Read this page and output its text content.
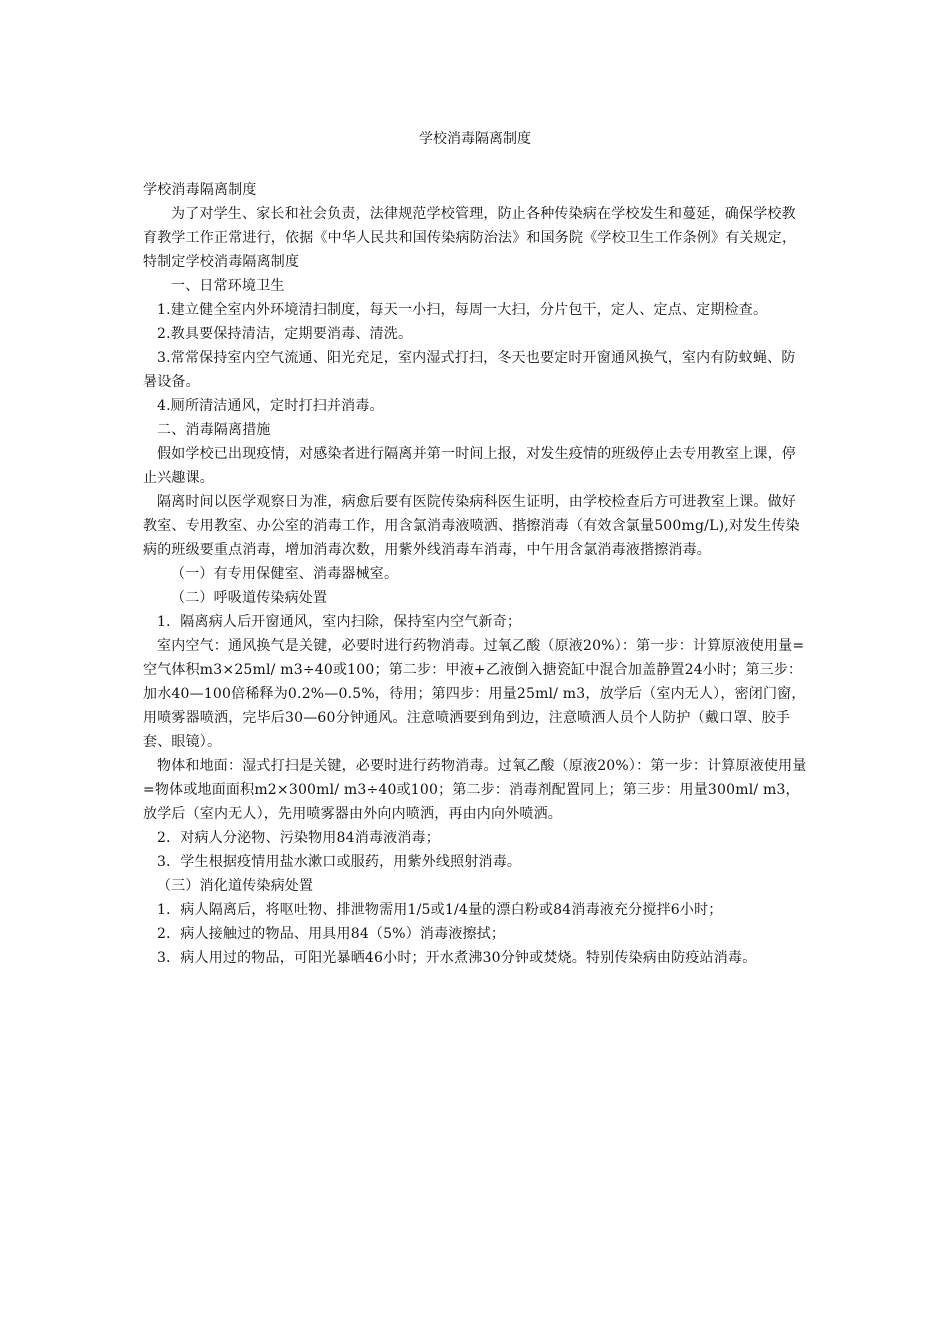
学校消毒隔离制度

学校消毒隔离制度

为了对学生、家长和社会负责，法律规范学校管理，防止各种传染病在学校发生和蔓延，确保学校教育教学工作正常进行，依据《中华人民共和国传染病防治法》和国务院《学校卫生工作条例》有关规定，特制定学校消毒隔离制度

一、日常环境卫生

1.建立健全室内外环境清扫制度，每天一小扫，每周一大扫，分片包干，定人、定点、定期检查。

2.教具要保持清洁，定期要消毒、清洗。

3.常常保持室内空气流通、阳光充足，室内湿式打扫，冬天也要定时开窗通风换气，室内有防蚊蝇、防暑设备。

4.厕所清洁通风，定时打扫并消毒。

二、消毒隔离措施

假如学校已出现疫情，对感染者进行隔离并第一时间上报，对发生疫情的班级停止去专用教室上课，停止兴趣课。

隔离时间以医学观察日为准，病愈后要有医院传染病科医生证明，由学校检查后方可进教室上课。做好教室、专用教室、办公室的消毒工作，用含氯消毒液喷洒、揩擦消毒（有效含氯量500mg/L),对发生传染病的班级要重点消毒，增加消毒次数，用紫外线消毒车消毒，中午用含氯消毒液揩擦消毒。

（一）有专用保健室、消毒器械室。

（二）呼吸道传染病处置

1．隔离病人后开窗通风，室内扫除，保持室内空气新奇；

室内空气：通风换气是关键，必要时进行药物消毒。过氧乙酸（原液20%）：第一步：计算原液使用量=空气体积m3×25ml/ m3÷40或100；第二步：甲液+乙液倒入搪瓷缸中混合加盖静置24小时；第三步：加水40—100倍稀释为0.2%—0.5%，待用；第四步：用量25ml/ m3，放学后（室内无人），密闭门窗，用喷雾器喷洒，完毕后30—60分钟通风。注意喷洒要到角到边，注意喷洒人员个人防护（戴口罩、胶手套、眼镜）。

物体和地面：湿式打扫是关键，必要时进行药物消毒。过氧乙酸（原液20%）：第一步：计算原液使用量=物体或地面面积m2×300ml/ m3÷40或100；第二步：消毒剂配置同上；第三步：用量300ml/ m3，放学后（室内无人），先用喷雾器由外向内喷洒，再由内向外喷洒。

2．对病人分泌物、污染物用84消毒液消毒；

3．学生根据疫情用盐水漱口或服药，用紫外线照射消毒。

（三）消化道传染病处置

1．病人隔离后，将呕吐物、排泄物需用1/5或1/4量的漂白粉或84消毒液充分搅拌6小时；

2．病人接触过的物品、用具用84（5%）消毒液擦拭；

3．病人用过的物品，可阳光暴晒46小时；开水煮沸30分钟或焚烧。特别传染病由防疫站消毒。
